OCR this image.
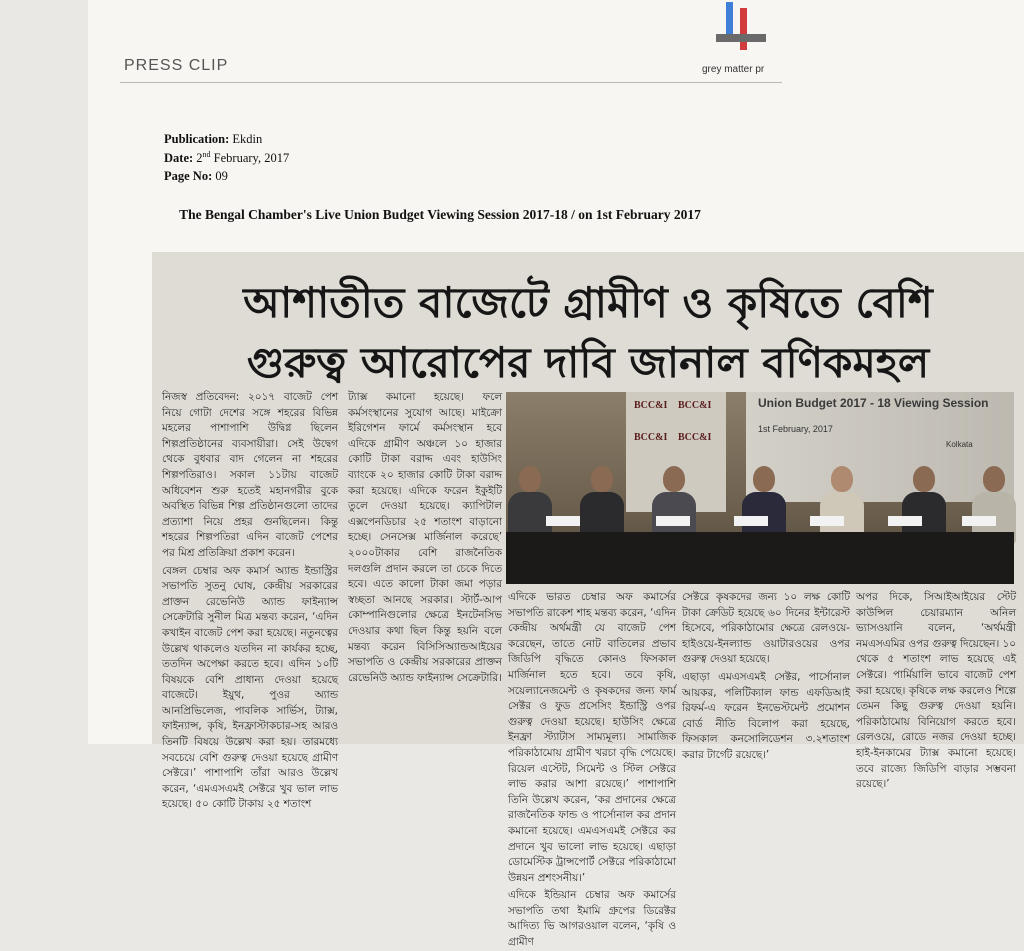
PRESS CLIP	grey matter pr
Publication: Ekdin
Date: 2nd February, 2017
Page No: 09
The Bengal Chamber's Live Union Budget Viewing Session 2017-18 / on 1st February 2017
আশাতীত বাজেটে গ্রামীণ ও কৃষিতে বেশি
গুরুত্ব আরোপের দাবি জানাল বণিকমহল

নিজস্ব প্রতিবেদন: ২০১৭ বাজেট পেশ নিয়ে গোটা দেশের সঙ্গে শহরের বিভিন্ন মহলের পাশাপাশি উদ্বিগ্ন ছিলেন শিল্পপ্রতিষ্ঠানের ব্যবসায়ীরা। সেই উদ্বেগ থেকে বুধবার বাদ গেলেন না শহরের শিল্পপতিরাও। সকাল ১১টায় বাজেট অধিবেশন শুরু হতেই মহানগরীর বুকে অবস্থিত বিভিন্ন শিল্প প্রতিষ্ঠানগুলো তাদের প্রত্যাশা নিয়ে প্রহর গুনছিলেন। কিন্তু শহরের শিল্পপতিরা এদিন বাজেট পেশের পর মিশ্র প্রতিক্রিয়া প্রকাশ করেন।

বেঙ্গল চেম্বার অফ কমার্স অ্যান্ড ইন্ডাস্ট্রির সভাপতি সুতনু ঘোষ, কেন্দ্রীয় সরকারের প্রাক্তন রেভেনিউ অ্যান্ড ফাইন্যান্স সেক্রেটারি সুনীল মিত্র মন্তব্য করেন, ‘এদিন কখাইন বাজেট পেশ করা হয়েছে। নতুনত্বের উল্লেখ থাকলেও যতদিন না কার্যকর হচ্ছে, ততদিন অপেক্ষা করতে হবে। এদিন ১০টি বিষয়কে বেশি প্রাধান্য দেওয়া হয়েছে বাজেটে। ইয়ুথ, পুওর অ্যান্ড আনপ্রিভিলেজ, পাবলিক সার্ভিস, ট্যাক্স, ফাইন্যান্স, কৃষি, ইনফ্রাস্টাকচার-সহ আরও তিনটি বিষয়ে উল্লেখ করা হয়। তারমধ্যে সবচেয়ে বেশি গুরুত্ব দেওয়া হয়েছে গ্রামীণ সেক্টরে।’ পাশাপাশি তাঁরা আরও উল্লেখ করেন, ‘এমএসএমই সেক্টরে খুব ভাল লাভ হয়েছে। ৫০ কোটি টাকায় ২৫ শতাংশ

ট্যাক্স কমানো হয়েছে। ফলে কর্মসংস্থানের সুযোগ আছে। মাইক্রো ইরিগেশন ফার্মে কর্মসংস্থান হবে এদিকে গ্রামীণ অঞ্চলে ১০ হাজার কোটি টাকা বরাদ্দ এবং হাউসিং ব্যাংকে ২০ হাজার কোটি টাকা বরাদ্দ করা হয়েছে। এদিকে ফরেন ইকুইটি তুলে দেওয়া হয়েছে। ক্যাপিটাল এক্সপেনডিচার ২৫ শতাংশ বাড়ানো হচ্ছে। সেনসেক্স মার্জিনাল করেছে’ ২০০০টাকার বেশি রাজনৈতিক দলগুলি প্রদান করলে তা চেকে দিতে হবে। এতে কালো টাকা জমা পড়ার স্বচ্ছতা আনছে সরকার। স্টার্ট-আপ কোম্পানিগুলোর ক্ষেত্রে ইনটেনসিভ দেওয়ার কথা ছিল কিন্তু হয়নি বলে মন্তব্য করেন বিসিসিঅ্যান্ডআইয়ের সভাপতি ও কেন্দ্রীয় সরকারের প্রাক্তন রেভেনিউ অ্যান্ড ফাইন্যান্স সেক্রেটারি।

BCC&I BCC&I
BCC&I BCC&I
Union Budget 2017 - 18 Viewing Session
1st February, 2017
Kolkata

এদিকে ভারত চেম্বার অফ কমার্সের সভাপতি রাকেশ শাহ মন্তব্য করেন, ‘এদিন কেন্দ্রীয় অর্থমন্ত্রী যে বাজেট পেশ করেছেন, তাতে নোট বাতিলের প্রভাব জিডিপি বৃদ্ধিতে কোনও ফিসকাল মার্জিনাল হতে হবে। তবে কৃষি, সয়েল্যানেজমেন্ট ও কৃষকদের জন্য ফার্ম সেক্টর ও ফুড প্রসেসিং ইন্ডাস্ট্রি ওপর গুরুত্ব দেওয়া হয়েছে। হাউসিং ক্ষেত্রে ইনফ্রা স্ট্যাটাস সাম্যমূল্য। সামাজিক পরিকাঠামোয় গ্রামীণ খরচা বৃদ্ধি পেয়েছে। রিয়েল এস্টেট, সিমেন্ট ও স্টিল সেক্টরে লাভ করার আশা রয়েছে।’ পাশাপাশি তিনি উল্লেখ করেন, ‘কর প্রদানের ক্ষেত্রে রাজনৈতিক ফান্ড ও পার্সোনাল কর প্রদান কমানো হয়েছে। এমএসএমই সেক্টরে কর প্রদানে খুব ভালো লাভ হয়েছে। এছাড়া ডোমেস্টিক ট্রান্সপোর্ট সেক্টরে পরিকাঠামো উন্নয়ন প্রশংসনীয়।’

এদিকে ইন্ডিয়ান চেম্বার অফ কমার্সের সভাপতি তথা ইমামি গ্রুপের ডিরেক্টর আদিত্য ভি আগরওয়াল বলেন, ‘কৃষি ও গ্রামীণ

সেক্টরে কৃষকদের জন্য ১০ লক্ষ কোটি টাকা ক্রেডিট হয়েছে ৬০ দিনের ইন্টারেস্ট হিসেবে, পরিকাঠামোর ক্ষেত্রে রেলওয়ে-হাইওয়ে-ইনল্যান্ড ওয়াটারওয়ের ওপর গুরুত্ব দেওয়া হয়েছে।

এছাড়া এমএসএমই সেক্টর, পার্সোনাল আয়কর, পলিটিক্যাল ফান্ড এফডিআই রিফর্ম-এ ফরেন ইনভেস্টমেন্ট প্রমোশন বোর্ড নীতি বিলোপ করা হয়েছে, ফিসকাল কনসোলিডেশন ৩.২শতাংশ করার টার্গেট রয়েছে।’

অপর দিকে, সিআইআইয়ের স্টেট কাউন্সিল চেয়ারম্যান অনিল ভ্যাসওয়ানি বলেন, ‘অর্থমন্ত্রী নমএসএমির ওপর গুরুত্ব দিয়েছেন। ১০ থেকে ৫ শতাংশ লাভ হয়েছে এই সেক্টরে। পার্মিয়ালি ভাবে বাজেট পেশ করা হয়েছে। কৃষিকে লক্ষ করলেও শিল্পে তেমন কিছু গুরুত্ব দেওয়া হয়নি। পরিকাঠামোয় বিনিয়োগ করতে হবে। রেলওয়ে, রোডে নজর দেওয়া হচ্ছে। হাই-ইনকামের ট্যাক্স কমানো হয়েছে। তবে রাজ্যে জিডিপি বাড়ার সম্ভবনা রয়েছে।’
